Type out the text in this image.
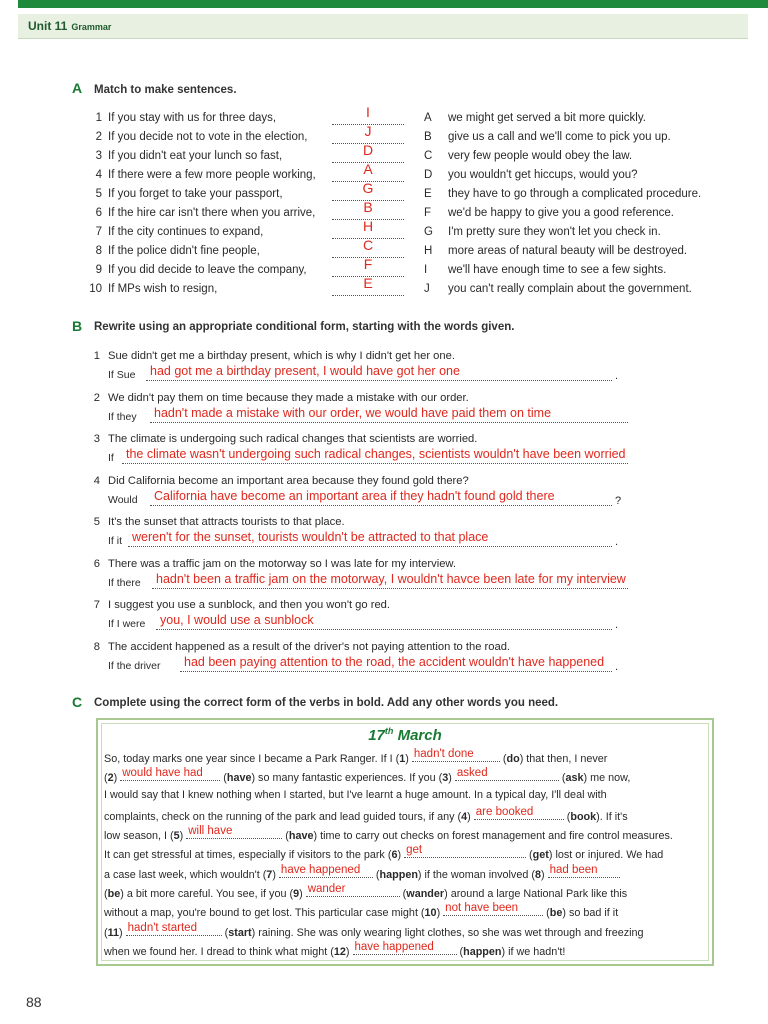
Unit 11 Grammar
A Match to make sentences.
1 If you stay with us for three days,	I	A we might get served a bit more quickly.
2 If you decide not to vote in the election,	J	B give us a call and we'll come to pick you up.
3 If you didn't eat your lunch so fast,	D	C very few people would obey the law.
4 If there were a few more people working,	A	D you wouldn't get hiccups, would you?
5 If you forget to take your passport,	G	E they have to go through a complicated procedure.
6 If the hire car isn't there when you arrive,	B	F we'd be happy to give you a good reference.
7 If the city continues to expand,	H	G I'm pretty sure they won't let you check in.
8 If the police didn't fine people,	C	H more areas of natural beauty will be destroyed.
9 If you did decide to leave the company,	F	I we'll have enough time to see a few sights.
10 If MPs wish to resign,	E	J you can't really complain about the government.
B Rewrite using an appropriate conditional form, starting with the words given.
1 Sue didn't get me a birthday present, which is why I didn't get her one.
If Sue had got me a birthday present, I would have got her one	.
2 We didn't pay them on time because they made a mistake with our order.
If they hadn't made a mistake with our order, we would have paid them on time
3 The climate is undergoing such radical changes that scientists are worried.
If the climate wasn't undergoing such radical changes, scientists wouldn't have been worried
4 Did California become an important area because they found gold there?
Would California have become an important area if they hadn't found gold there	?
5 It's the sunset that attracts tourists to that place.
If it weren't for the sunset, tourists wouldn't be attracted to that place	.
6 There was a traffic jam on the motorway so I was late for my interview.
If there hadn't been a traffic jam on the motorway, I wouldn't havce been late for my interview
7 I suggest you use a sunblock, and then you won't go red.
If I were you, I would use a sunblock	.
8 The accident happened as a result of the driver's not paying attention to the road.
If the driver had been paying attention to the road, the accident wouldn't have happened .
C Complete using the correct form of the verbs in bold. Add any other words you need.
17th March
So, today marks one year since I became a Park Ranger. If I (1) hadn't done (do) that then, I never
(2) would have had (have) so many fantastic experiences. If you (3) asked	(ask) me now,
I would say that I knew nothing when I started, but I've learnt a huge amount. In a typical day, I'll deal with
complaints, check on the running of the park and lead guided tours, if any (4) are booked	(book). If it's
low season, I (5) will have	(have) time to carry out checks on forest management and fire control measures.
It can get stressful at times, especially if visitors to the park (6) get	(get) lost or injured. We had
a case last week, which wouldn't (7) have happened (happen) if the woman involved (8) had been
(be) a bit more careful. You see, if you (9) wander	(wander) around a large National Park like this
without a map, you're bound to get lost. This particular case might (10) not have been (be) so bad if it
(11) hadn't started (start) raining. She was only wearing light clothes, so she was wet through and freezing
when we found her. I dread to think what might (12) have happened (happen) if we hadn't!
88
